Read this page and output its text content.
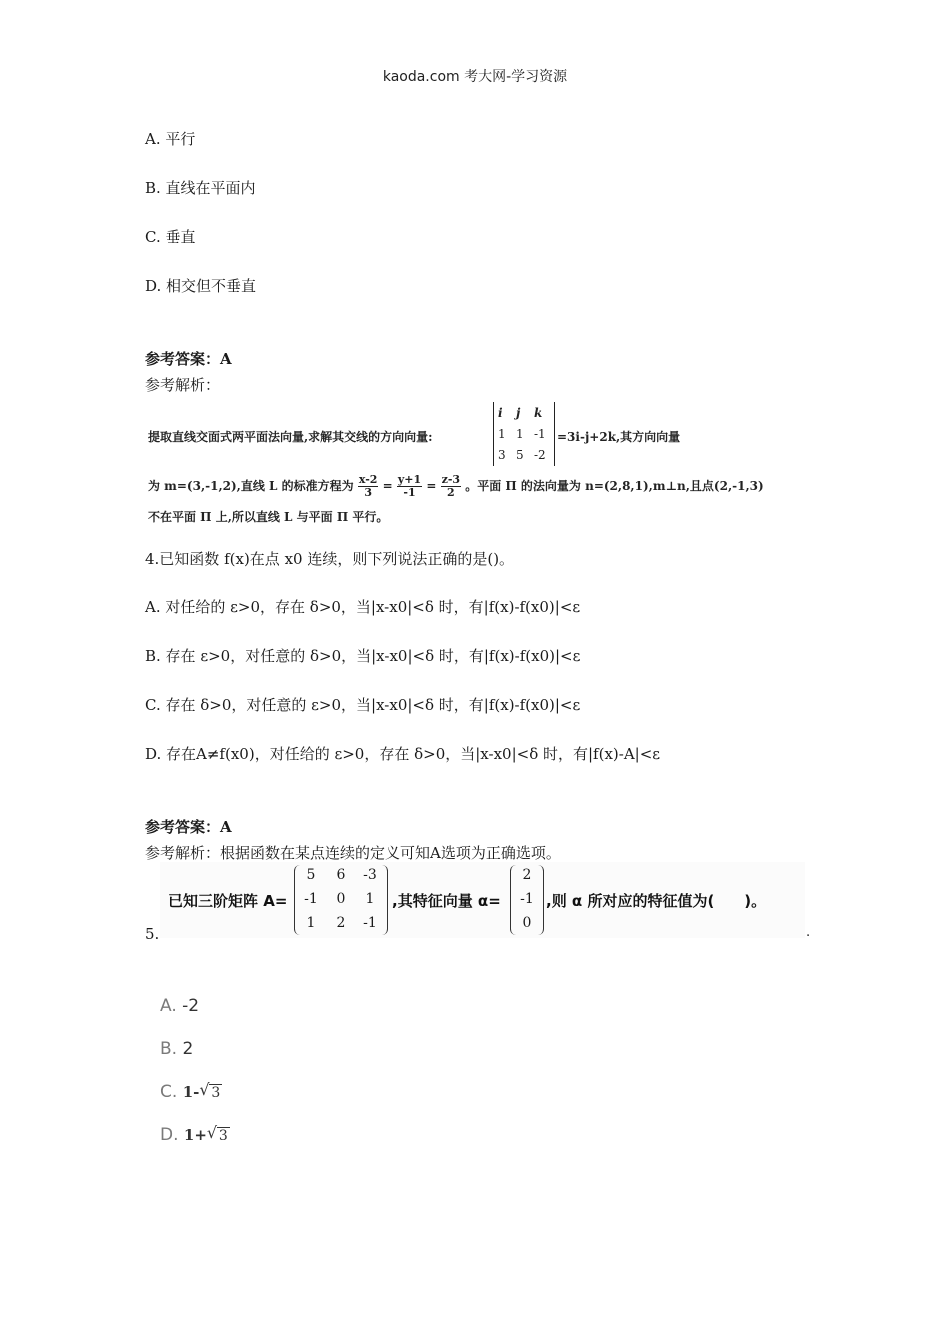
kaoda.com 考大网-学习资源
A. 平行
B. 直线在平面内
C. 垂直
D. 相交但不垂直
参考答案：A
参考解析：
提取直线交面式两平面法向量,求解其交线的方向向量:
i j k
1 1 -1
3 5 -2
=3i-j+2k,其方向向量
为 m=(3,-1,2),直线 L 的标准方程为 $\frac{x-2}{3} = \frac{y+1}{-1} = \frac{z-3}{2}$ 。平面 Π 的法向量为 n=(2,8,1),m⊥n,且点(2,-1,3)
不在平面 Π 上,所以直线 L 与平面 Π 平行。
4.已知函数 f(x)在点 x0 连续，则下列说法正确的是()。
A. 对任给的 ε>0，存在 δ>0，当|x-x0|<δ 时，有|f(x)-f(x0)|<ε
B. 存在 ε>0，对任意的 δ>0，当|x-x0|<δ 时，有|f(x)-f(x0)|<ε
C. 存在 δ>0，对任意的 ε>0，当|x-x0|<δ 时，有|f(x)-f(x0)|<ε
D. 存在A≠f(x0)，对任给的 ε>0，存在 δ>0，当|x-x0|<δ 时，有|f(x)-A|<ε
参考答案：A
参考解析：根据函数在某点连续的定义可知A选项为正确选项。
5.
已知三阶矩阵 A=
5	6	-3
-1	0	1
1	2	-1
,其特征向量 α=
2
-1
0
,则 α 所对应的特征值为(　　)。
.
A. -2
B. 2
C. 1- √ 3
D. 1+ √ 3
